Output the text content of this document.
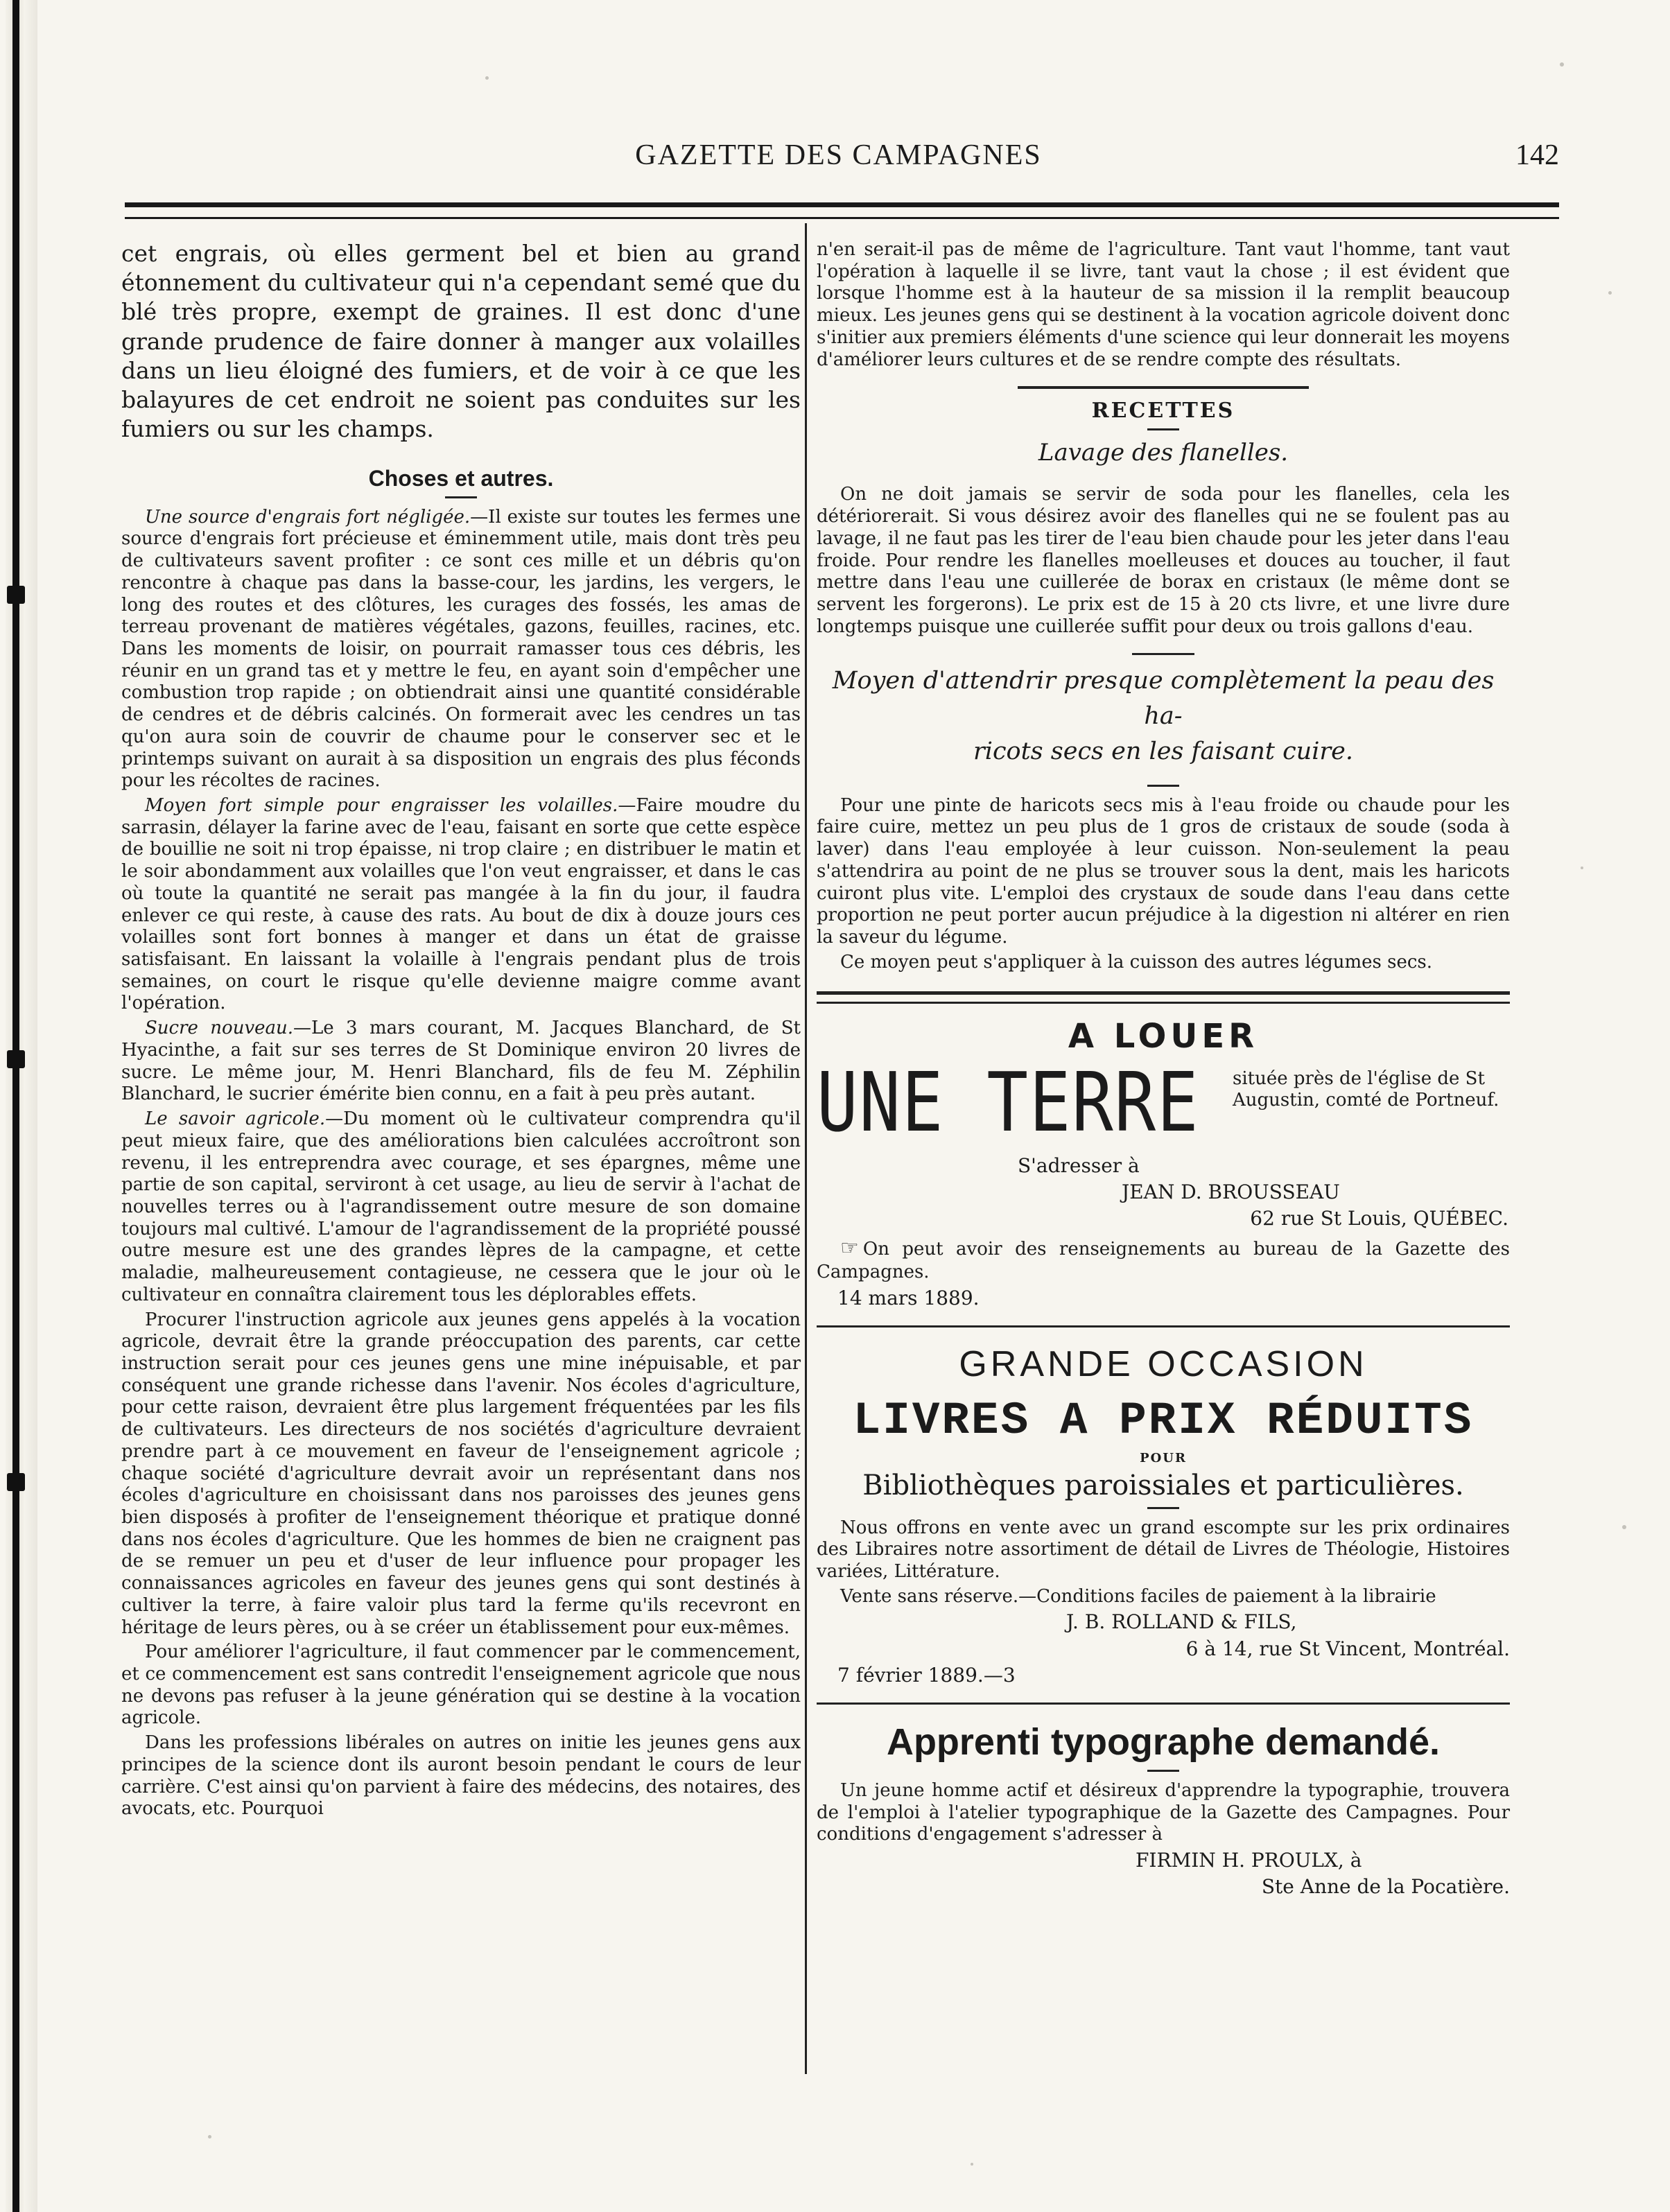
GAZETTE DES CAMPAGNES	142

cet engrais, où elles germent bel et bien au grand étonnement du cultivateur qui n'a cependant semé que du blé très propre, exempt de graines. Il est donc d'une grande prudence de faire donner à manger aux volailles dans un lieu éloigné des fumiers, et de voir à ce que les balayures de cet endroit ne soient pas conduites sur les fumiers ou sur les champs.

Choses et autres.

Une source d'engrais fort négligée.—Il existe sur toutes les fermes une source d'engrais fort précieuse et éminemment utile, mais dont très peu de cultivateurs savent profiter : ce sont ces mille et un débris qu'on rencontre à chaque pas dans la basse-cour, les jardins, les vergers, le long des routes et des clôtures, les curages des fossés, les amas de terreau provenant de matières végétales, gazons, feuilles, racines, etc. Dans les moments de loisir, on pourrait ramasser tous ces débris, les réunir en un grand tas et y mettre le feu, en ayant soin d'empêcher une combustion trop rapide ; on obtiendrait ainsi une quantité considérable de cendres et de débris calcinés. On formerait avec les cendres un tas qu'on aura soin de couvrir de chaume pour le conserver sec et le printemps suivant on aurait à sa disposition un engrais des plus féconds pour les récoltes de racines.

Moyen fort simple pour engraisser les volailles.—Faire moudre du sarrasin, délayer la farine avec de l'eau, faisant en sorte que cette espèce de bouillie ne soit ni trop épaisse, ni trop claire ; en distribuer le matin et le soir abondamment aux volailles que l'on veut engraisser, et dans le cas où toute la quantité ne serait pas mangée à la fin du jour, il faudra enlever ce qui reste, à cause des rats. Au bout de dix à douze jours ces volailles sont fort bonnes à manger et dans un état de graisse satisfaisant. En laissant la volaille à l'engrais pendant plus de trois semaines, on court le risque qu'elle devienne maigre comme avant l'opération.

Sucre nouveau.—Le 3 mars courant, M. Jacques Blanchard, de St Hyacinthe, a fait sur ses terres de St Dominique environ 20 livres de sucre. Le même jour, M. Henri Blanchard, fils de feu M. Zéphilin Blanchard, le sucrier émérite bien connu, en a fait à peu près autant.

Le savoir agricole.—Du moment où le cultivateur comprendra qu'il peut mieux faire, que des améliorations bien calculées accroîtront son revenu, il les entreprendra avec courage, et ses épargnes, même une partie de son capital, serviront à cet usage, au lieu de servir à l'achat de nouvelles terres ou à l'agrandissement outre mesure de son domaine toujours mal cultivé. L'amour de l'agrandissement de la propriété poussé outre mesure est une des grandes lèpres de la campagne, et cette maladie, malheureusement contagieuse, ne cessera que le jour où le cultivateur en connaîtra clairement tous les déplorables effets.

Procurer l'instruction agricole aux jeunes gens appelés à la vocation agricole, devrait être la grande préoccupation des parents, car cette instruction serait pour ces jeunes gens une mine inépuisable, et par conséquent une grande richesse dans l'avenir. Nos écoles d'agriculture, pour cette raison, devraient être plus largement fréquentées par les fils de cultivateurs. Les directeurs de nos sociétés d'agriculture devraient prendre part à ce mouvement en faveur de l'enseignement agricole ; chaque société d'agriculture devrait avoir un représentant dans nos écoles d'agriculture en choisissant dans nos paroisses des jeunes gens bien disposés à profiter de l'enseignement théorique et pratique donné dans nos écoles d'agriculture. Que les hommes de bien ne craignent pas de se remuer un peu et d'user de leur influence pour propager les connaissances agricoles en faveur des jeunes gens qui sont destinés à cultiver la terre, à faire valoir plus tard la ferme qu'ils recevront en héritage de leurs pères, ou à se créer un établissement pour eux-mêmes.

Pour améliorer l'agriculture, il faut commencer par le commencement, et ce commencement est sans contredit l'enseignement agricole que nous ne devons pas refuser à la jeune génération qui se destine à la vocation agricole.

Dans les professions libérales on autres on initie les jeunes gens aux principes de la science dont ils auront besoin pendant le cours de leur carrière. C'est ainsi qu'on parvient à faire des médecins, des notaires, des avocats, etc. Pourquoi

n'en serait-il pas de même de l'agriculture. Tant vaut l'homme, tant vaut l'opération à laquelle il se livre, tant vaut la chose ; il est évident que lorsque l'homme est à la hauteur de sa mission il la remplit beaucoup mieux. Les jeunes gens qui se destinent à la vocation agricole doivent donc s'initier aux premiers éléments d'une science qui leur donnerait les moyens d'améliorer leurs cultures et de se rendre compte des résultats.

RECETTES
Lavage des flanelles.

On ne doit jamais se servir de soda pour les flanelles, cela les détériorerait. Si vous désirez avoir des flanelles qui ne se foulent pas au lavage, il ne faut pas les tirer de l'eau bien chaude pour les jeter dans l'eau froide. Pour rendre les flanelles moelleuses et douces au toucher, il faut mettre dans l'eau une cuillerée de borax en cristaux (le même dont se servent les forgerons). Le prix est de 15 à 20 cts livre, et une livre dure longtemps puisque une cuillerée suffit pour deux ou trois gallons d'eau.

Moyen d'attendrir presque complètement la peau des ha-
ricots secs en les faisant cuire.

Pour une pinte de haricots secs mis à l'eau froide ou chaude pour les faire cuire, mettez un peu plus de 1 gros de cristaux de soude (soda à laver) dans l'eau employée à leur cuisson. Non-seulement la peau s'attendrira au point de ne plus se trouver sous la dent, mais les haricots cuiront plus vite. L'emploi des crystaux de soude dans l'eau dans cette proportion ne peut porter aucun préjudice à la digestion ni altérer en rien la saveur du légume.

Ce moyen peut s'appliquer à la cuisson des autres légumes secs.

A LOUER
UNE TERRE située près de l'église de St Augustin, comté de Portneuf.
S'adresser à
JEAN D. BROUSSEAU
62 rue St Louis, QUÉBEC.

☞ On peut avoir des renseignements au bureau de la Gazette des Campagnes.

14 mars 1889.
GRANDE OCCASION
LIVRES A PRIX RÉDUITS
POUR
Bibliothèques paroissiales et particulières.

Nous offrons en vente avec un grand escompte sur les prix ordinaires des Libraires notre assortiment de détail de Livres de Théologie, Histoires variées, Littérature.

Vente sans réserve.—Conditions faciles de paiement à la librairie

J. B. ROLLAND & FILS,
6 à 14, rue St Vincent, Montréal.
7 février 1889.—3
Apprenti typographe demandé.

Un jeune homme actif et désireux d'apprendre la typographie, trouvera de l'emploi à l'atelier typographique de la Gazette des Campagnes. Pour conditions d'engagement s'adresser à

FIRMIN H. PROULX, à
Ste Anne de la Pocatière.
